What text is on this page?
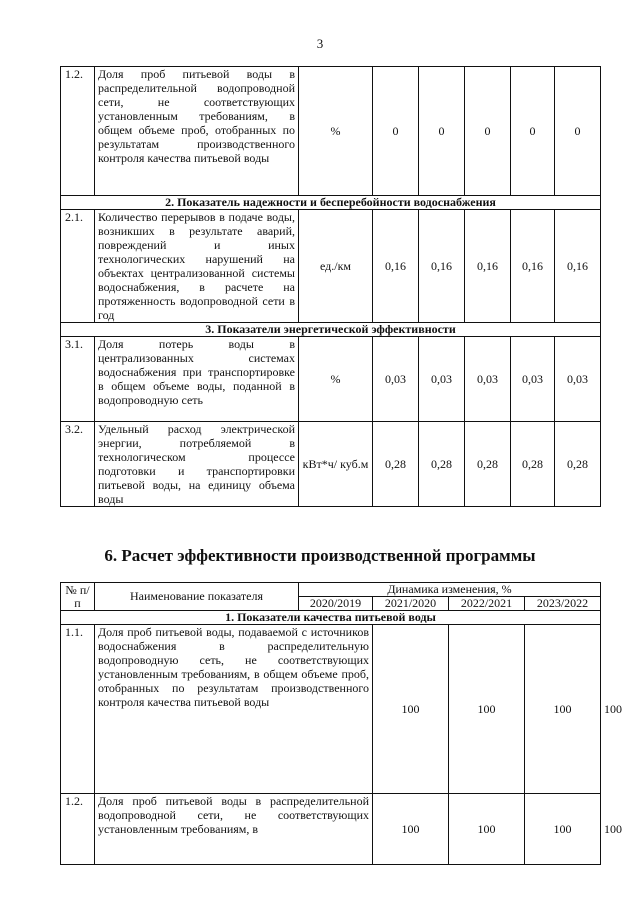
3
1.2.	Доля проб питьевой воды в распределительной водопроводной сети, не соответствующих установленным требованиям, в общем объеме проб, отобранных по результатам производственного контроля качества питьевой воды	%	0	0	0	0	0
2. Показатель надежности и бесперебойности водоснабжения							
2.1.	Количество перерывов в подаче воды, возникших в результате аварий, повреждений и иных технологических нарушений на объектах централизованной системы водоснабжения, в расчете на протяженность водопроводной сети в год	ед./км	0,16	0,16	0,16	0,16	0,16
3. Показатели энергетической эффективности							
3.1.	Доля потерь воды в централизованных системах водоснабжения при транспортировке в общем объеме воды, поданной в водопроводную сеть	%	0,03	0,03	0,03	0,03	0,03
3.2.	Удельный расход электрической энергии, потребляемой в технологическом процессе подготовки и транспортировки питьевой воды, на единицу объема воды	кВт*ч/ куб.м	0,28	0,28	0,28	0,28	0,28
6. Расчет эффективности производственной программы
№ п/п	Наименование показателя	Динамика изменения, %				
		2020/2019	2021/2020	2022/2021	2023/2022	
1. Показатели качества питьевой воды						
1.1.	Доля проб питьевой воды, подаваемой с источников водоснабжения в распределительную водопроводную сеть, не соответствующих установленным требованиям, в общем объеме проб, отобранных по результатам производственного контроля качества питьевой воды		100	100	100	100
1.2.	Доля проб питьевой воды в распределительной водопроводной сети, не соответствующих установленным требованиям, в		100	100	100	100
